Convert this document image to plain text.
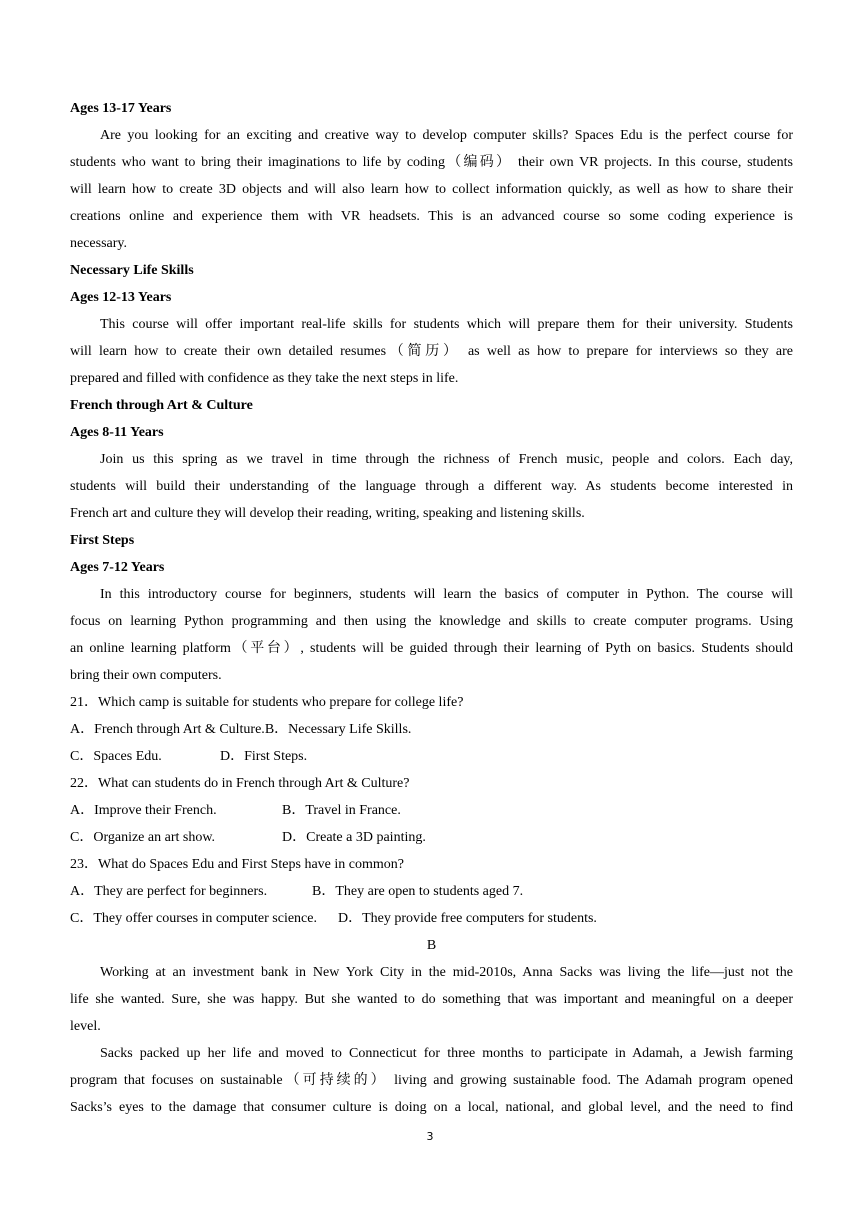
Ages 13-17 Years
Are you looking for an exciting and creative way to develop computer skills? Spaces Edu is the perfect course for
students who want to bring their imaginations to life by coding（编码） their own VR projects. In this course, students
will learn how to create 3D objects and will also learn how to collect information quickly, as well as how to share their
creations online and experience them with VR headsets. This is an advanced course so some coding experience is
necessary.
Necessary Life Skills
Ages 12-13 Years
This course will offer important real-life skills for students which will prepare them for their university. Students
will learn how to create their own detailed resumes（简历） as well as how to prepare for interviews so they are
prepared and filled with confidence as they take the next steps in life.
French through Art & Culture
Ages 8-11 Years
Join us this spring as we travel in time through the richness of French music, people and colors. Each day,
students will build their understanding of the language through a different way. As students become interested in
French art and culture they will develop their reading, writing, speaking and listening skills.
First Steps
Ages 7-12 Years
In this introductory course for beginners, students will learn the basics of computer in Python. The course will
focus on learning Python programming and then using the knowledge and skills to create computer programs. Using
an online learning platform（平台）, students will be guided through their learning of Pyth on basics. Students should
bring their own computers.
21．Which camp is suitable for students who prepare for college life?
A．French through Art & Culture.B．Necessary Life Skills.
C．Spaces Edu.	D．First Steps.
22．What can students do in French through Art & Culture?
A．Improve their French.	B．Travel in France.
C．Organize an art show.	D．Create a 3D painting.
23．What do Spaces Edu and First Steps have in common?
A．They are perfect for beginners.	B．They are open to students aged 7.
C．They offer courses in computer science. D．They provide free computers for students.
B
Working at an investment bank in New York City in the mid-2010s, Anna Sacks was living the life—just not the
life she wanted. Sure, she was happy. But she wanted to do something that was important and meaningful on a deeper
level.
Sacks packed up her life and moved to Connecticut for three months to participate in Adamah, a Jewish farming
program that focuses on sustainable（可持续的） living and growing sustainable food. The Adamah program opened
Sacks’s eyes to the damage that consumer culture is doing on a local, national, and global level, and the need to find
3
